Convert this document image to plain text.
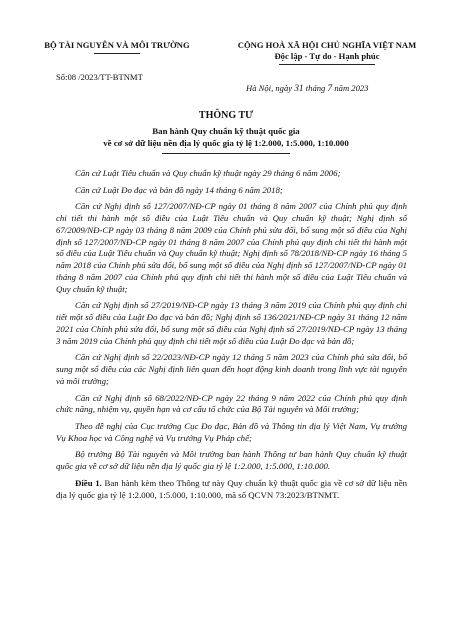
BỘ TÀI NGUYÊN VÀ MÔI TRƯỜNG
Số:08 /2023/TT-BTNMT
CỘNG HOÀ XÃ HỘI CHỦ NGHĨA VIỆT NAM
Độc lập - Tự do - Hạnh phúc
Hà Nội, ngày 31 tháng 7 năm 2023
THÔNG TƯ
Ban hành Quy chuẩn kỹ thuật quốc gia
về cơ sở dữ liệu nền địa lý quốc gia tỷ lệ 1:2.000, 1:5.000, 1:10.000

Căn cứ Luật Tiêu chuẩn và Quy chuẩn kỹ thuật ngày 29 tháng 6 năm 2006;

Căn cứ Luật Đo đạc và bản đồ ngày 14 tháng 6 năm 2018;

Căn cứ Nghị định số 127/2007/NĐ-CP ngày 01 tháng 8 năm 2007 của Chính phủ quy định chi tiết thi hành một số điều của Luật Tiêu chuẩn và Quy chuẩn kỹ thuật; Nghị định số 67/2009/NĐ-CP ngày 03 tháng 8 năm 2009 của Chính phủ sửa đổi, bổ sung một số điều của Nghị định số 127/2007/NĐ-CP ngày 01 tháng 8 năm 2007 của Chính phủ quy định chi tiết thi hành một số điều của Luật Tiêu chuẩn và Quy chuẩn kỹ thuật; Nghị định số 78/2018/NĐ-CP ngày 16 tháng 5 năm 2018 của Chính phủ sửa đổi, bổ sung một số điều của Nghị định số 127/2007/NĐ-CP ngày 01 tháng 8 năm 2007 của Chính phủ quy định chi tiết thi hành một số điều của Luật Tiêu chuẩn và Quy chuẩn kỹ thuật;

Căn cứ Nghị định số 27/2019/NĐ-CP ngày 13 tháng 3 năm 2019 của Chính phủ quy định chi tiết một số điều của Luật Đo đạc và bản đồ; Nghị định số 136/2021/NĐ-CP ngày 31 tháng 12 năm 2021 của Chính phủ sửa đổi, bổ sung một số điều của Nghị định số 27/2019/NĐ-CP ngày 13 tháng 3 năm 2019 của Chính phủ quy định chi tiết một số điều của Luật Đo đạc và bản đồ;

Căn cứ Nghị định số 22/2023/NĐ-CP ngày 12 tháng 5 năm 2023 của Chính phủ sửa đổi, bổ sung một số điều của các Nghị định liên quan đến hoạt động kinh doanh trong lĩnh vực tài nguyên và môi trường;

Căn cứ Nghị định số 68/2022/NĐ-CP ngày 22 tháng 9 năm 2022 của Chính phủ quy định chức năng, nhiệm vụ, quyền hạn và cơ cấu tổ chức của Bộ Tài nguyên và Môi trường;

Theo đề nghị của Cục trưởng Cục Đo đạc, Bản đồ và Thông tin địa lý Việt Nam, Vụ trưởng Vụ Khoa học và Công nghệ và Vụ trưởng Vụ Pháp chế;

Bộ trưởng Bộ Tài nguyên và Môi trường ban hành Thông tư ban hành Quy chuẩn kỹ thuật quốc gia về cơ sở dữ liệu nền địa lý quốc gia tỷ lệ 1:2.000, 1:5.000, 1:10.000.

Điều 1. Ban hành kèm theo Thông tư này Quy chuẩn kỹ thuật quốc gia về cơ sở dữ liệu nền địa lý quốc gia tỷ lệ 1:2.000, 1:5.000, 1:10.000, mã số QCVN 73:2023/BTNMT.
